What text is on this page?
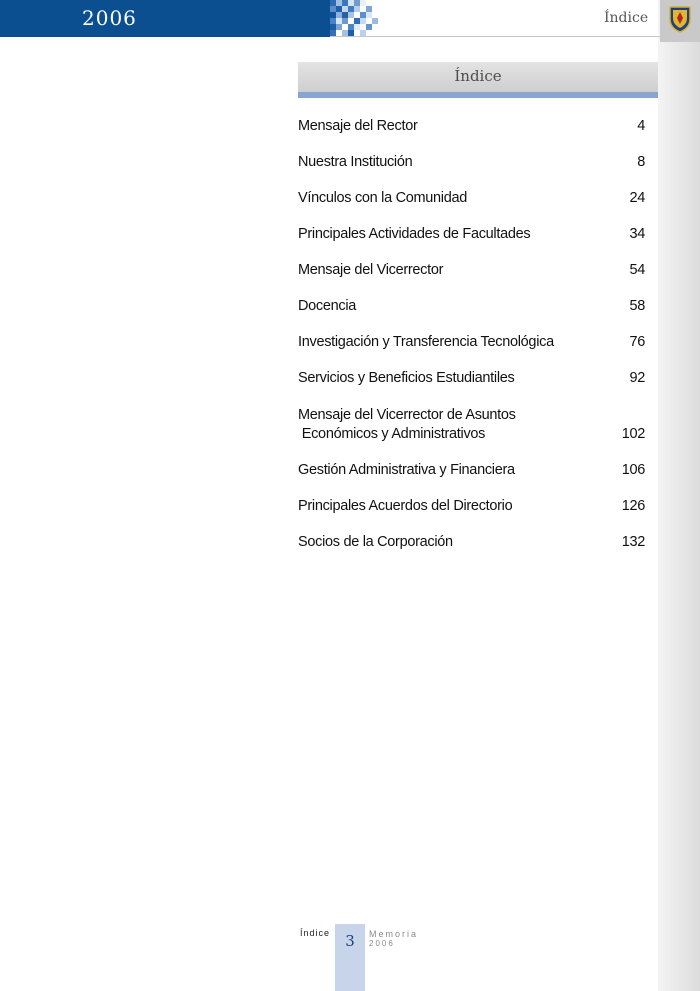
2006	Índice
Índice
Mensaje del Rector	4
Nuestra Institución	8
Vínculos con la Comunidad	24
Principales Actividades de Facultades	34
Mensaje del Vicerrector	54
Docencia	58
Investigación y Transferencia Tecnológica	76
Servicios y Beneficios Estudiantiles	92
Mensaje del Vicerrector de Asuntos
Económicos y Administrativos	102
Gestión Administrativa y Financiera	106
Principales Acuerdos del Directorio	126
Socios de la Corporación	132
Índice	3	Memoria
2006
